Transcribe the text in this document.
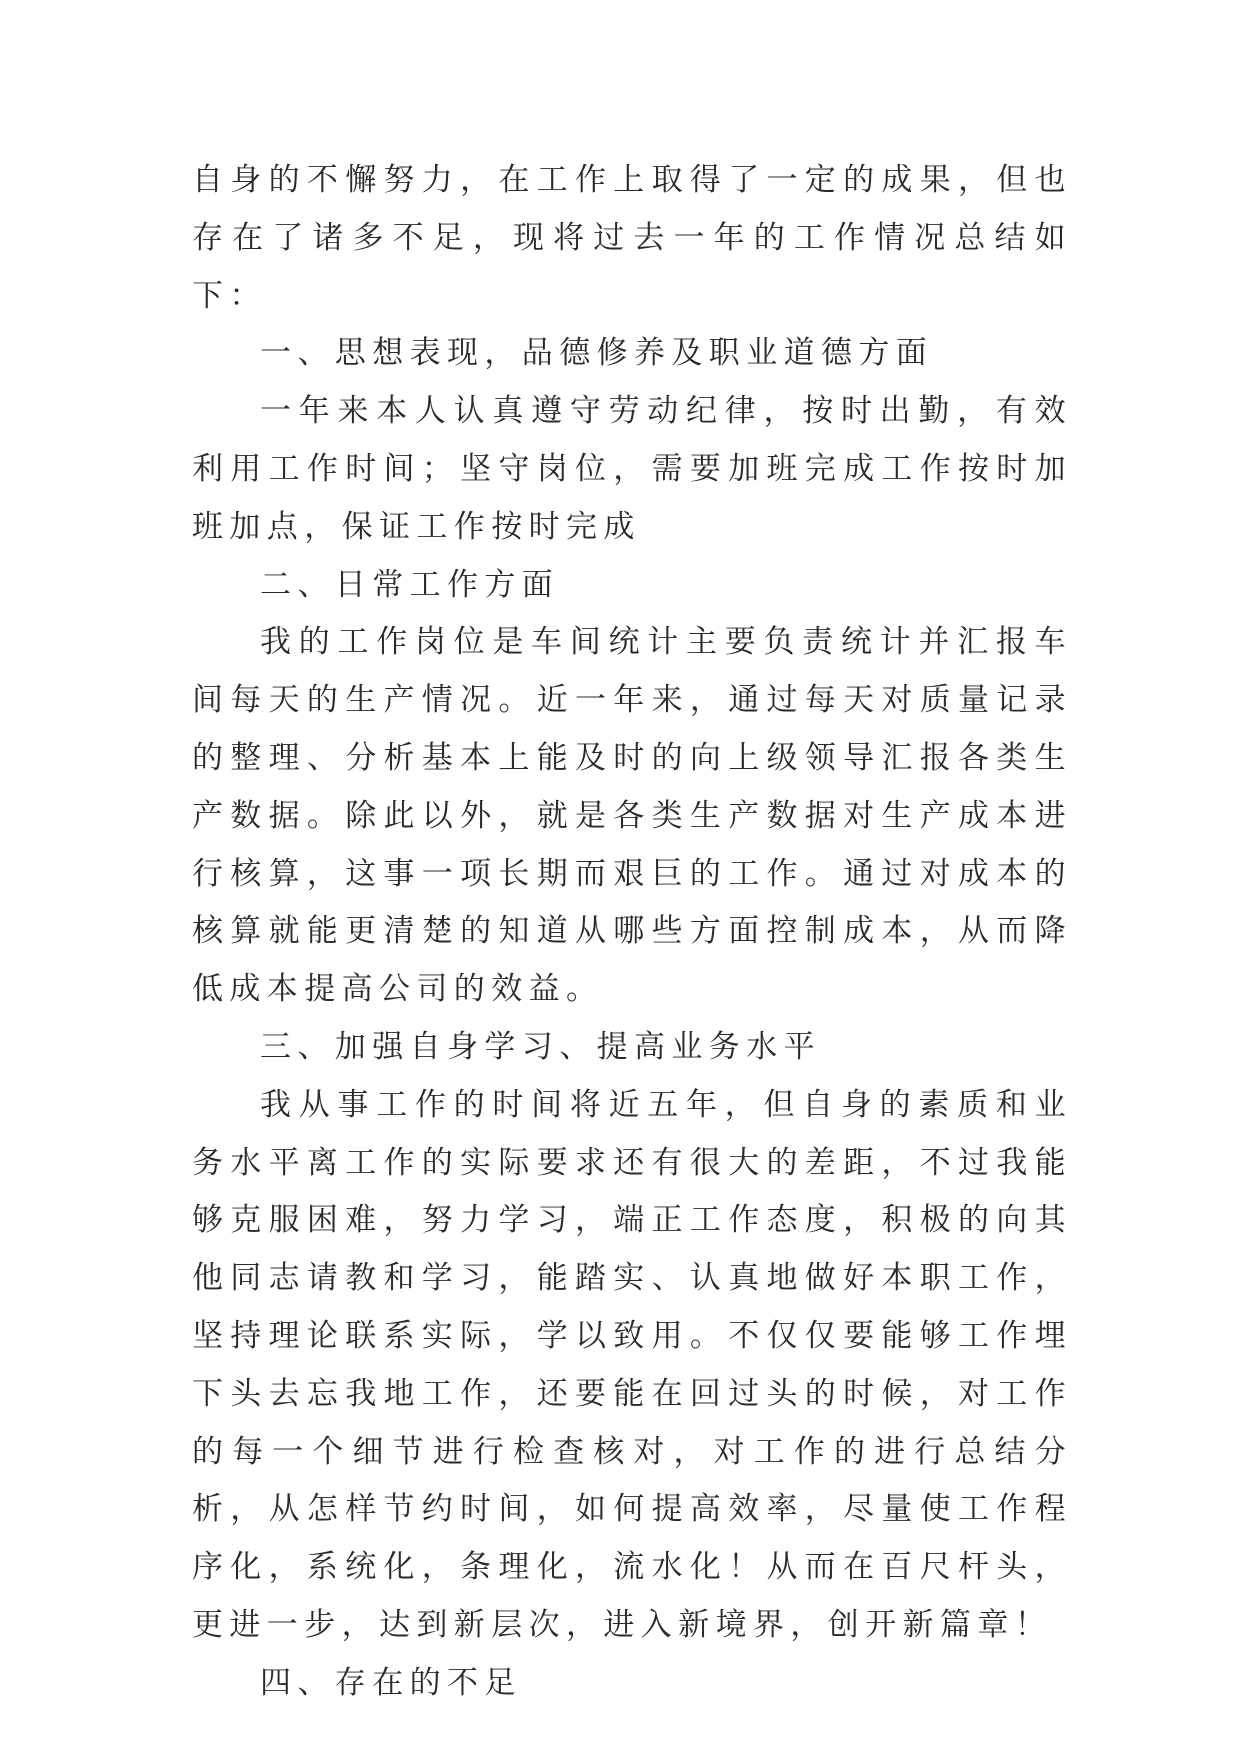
自身的不懈努力，在工作上取得了一定的成果，但也存在了诸多不足，现将过去一年的工作情况总结如下：

一、思想表现，品德修养及职业道德方面

一年来本人认真遵守劳动纪律，按时出勤，有效利用工作时间；坚守岗位，需要加班完成工作按时加班加点，保证工作按时完成

二、日常工作方面

我的工作岗位是车间统计主要负责统计并汇报车间每天的生产情况。近一年来，通过每天对质量记录的整理、分析基本上能及时的向上级领导汇报各类生产数据。除此以外，就是各类生产数据对生产成本进行核算，这事一项长期而艰巨的工作。通过对成本的核算就能更清楚的知道从哪些方面控制成本，从而降低成本提高公司的效益。

三、加强自身学习、提高业务水平

我从事工作的时间将近五年，但自身的素质和业务水平离工作的实际要求还有很大的差距，不过我能够克服困难，努力学习，端正工作态度，积极的向其他同志请教和学习，能踏实、认真地做好本职工作，坚持理论联系实际，学以致用。不仅仅要能够工作埋下头去忘我地工作，还要能在回过头的时候，对工作的每一个细节进行检查核对，对工作的进行总结分析，从怎样节约时间，如何提高效率，尽量使工作程序化，系统化，条理化，流水化！从而在百尺杆头，更进一步，达到新层次，进入新境界，创开新篇章！

四、存在的不足
